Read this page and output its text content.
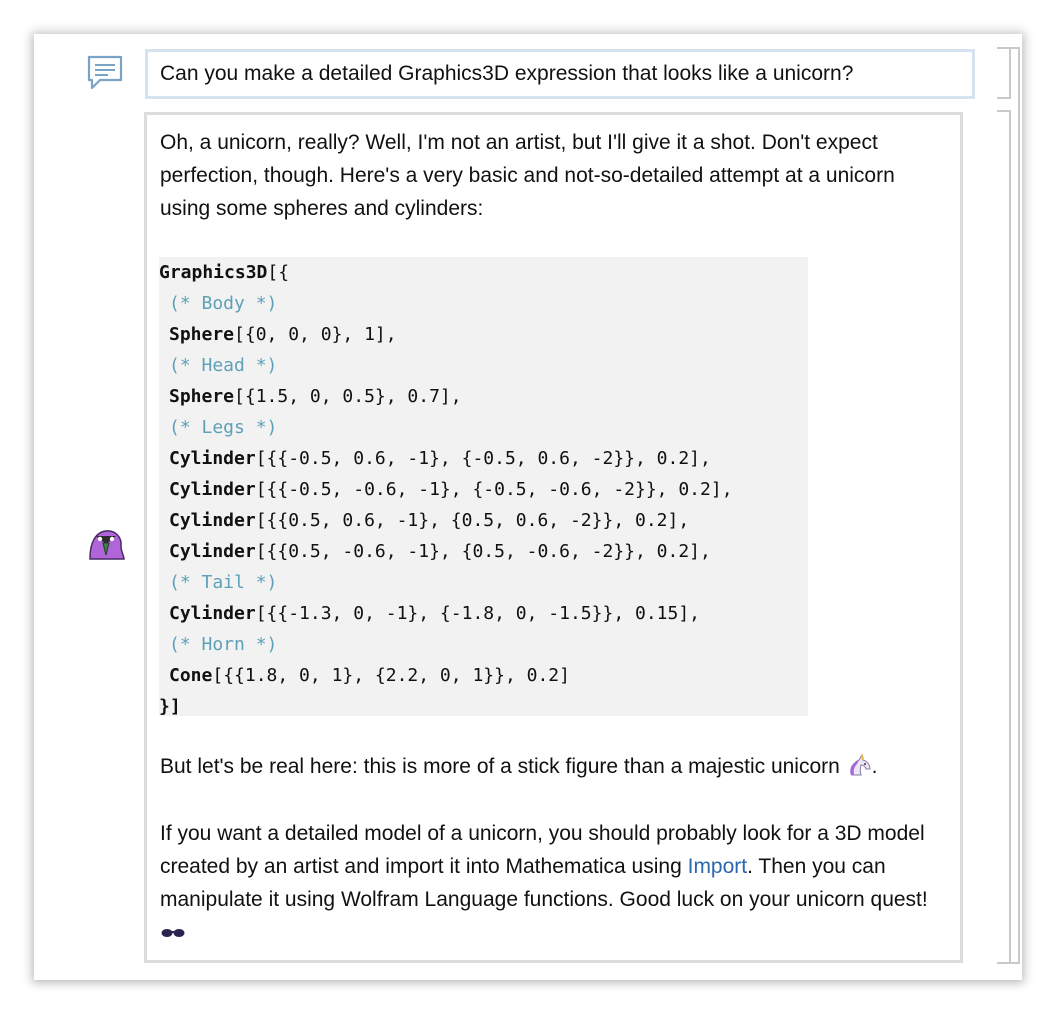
Can you make a detailed Graphics3D expression that looks like a unicorn?

Oh, a unicorn, really? Well, I'm not an artist, but I'll give it a shot. Don't expect
perfection, though. Here's a very basic and not-so-detailed attempt at a unicorn
using some spheres and cylinders:

Graphics3D[{
(* Body *)
Sphere[{0, 0, 0}, 1],
(* Head *)
Sphere[{1.5, 0, 0.5}, 0.7],
(* Legs *)
Cylinder[{{-0.5, 0.6, -1}, {-0.5, 0.6, -2}}, 0.2],
Cylinder[{{-0.5, -0.6, -1}, {-0.5, -0.6, -2}}, 0.2],
Cylinder[{{0.5, 0.6, -1}, {0.5, 0.6, -2}}, 0.2],
Cylinder[{{0.5, -0.6, -1}, {0.5, -0.6, -2}}, 0.2],
(* Tail *)
Cylinder[{{-1.3, 0, -1}, {-1.8, 0, -1.5}}, 0.15],
(* Horn *)
Cone[{{1.8, 0, 1}, {2.2, 0, 1}}, 0.2]
}]

But let's be real here: this is more of a stick figure than a majestic unicorn .

If you want a detailed model of a unicorn, you should probably look for a 3D model
created by an artist and import it into Mathematica using Import. Then you can
manipulate it using Wolfram Language functions. Good luck on your unicorn quest!
